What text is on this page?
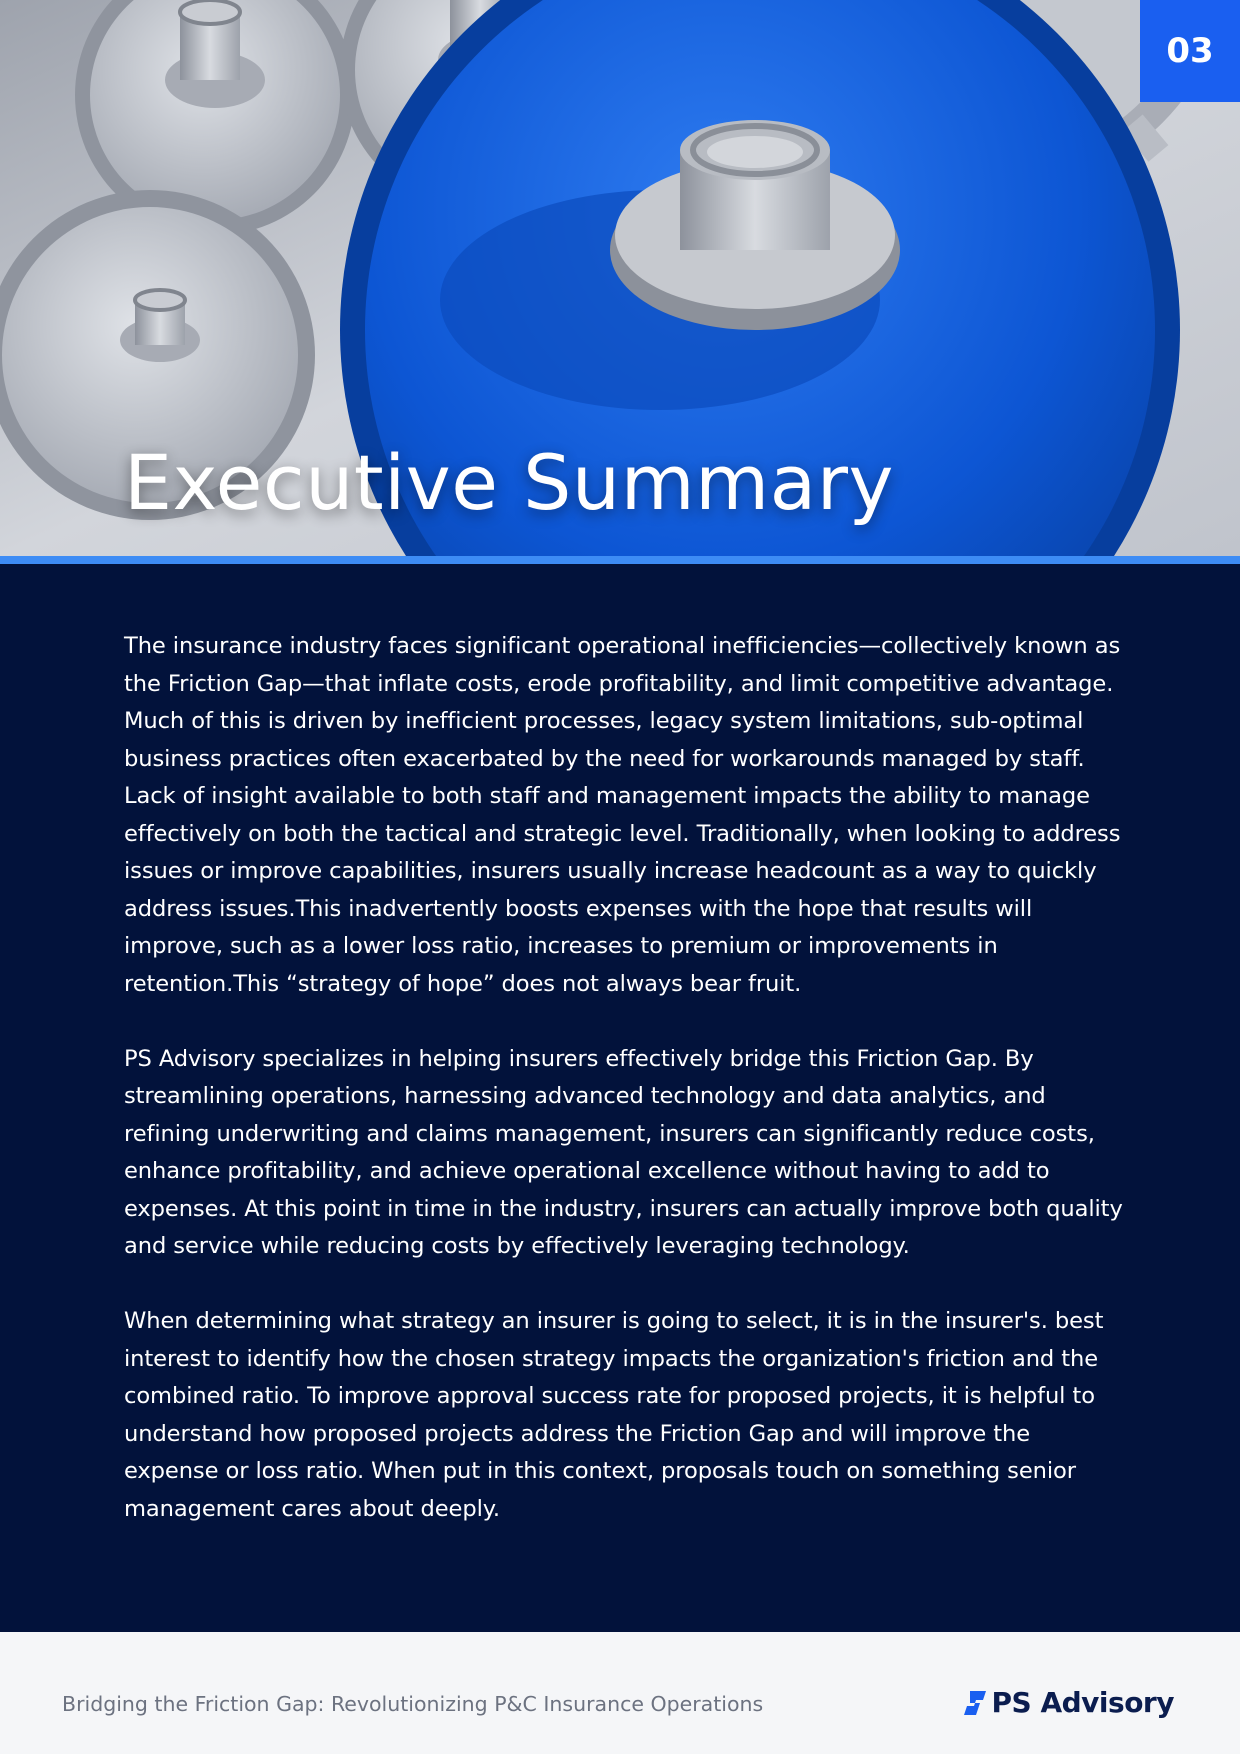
Executive Summary
03

The insurance industry faces significant operational inefficiencies—collectively known as the Friction Gap—that inflate costs, erode profitability, and limit competitive advantage. Much of this is driven by inefficient processes, legacy system limitations, sub-optimal business practices often exacerbated by the need for workarounds managed by staff. Lack of insight available to both staff and management impacts the ability to manage effectively on both the tactical and strategic level. Traditionally, when looking to address issues or improve capabilities, insurers usually increase headcount as a way to quickly address issues.This inadvertently boosts expenses with the hope that results will improve, such as a lower loss ratio, increases to premium or improvements in retention.This “strategy of hope” does not always bear fruit.

PS Advisory specializes in helping insurers effectively bridge this Friction Gap. By streamlining operations, harnessing advanced technology and data analytics, and refining underwriting and claims management, insurers can significantly reduce costs, enhance profitability, and achieve operational excellence without having to add to expenses. At this point in time in the industry, insurers can actually improve both quality and service while reducing costs by effectively leveraging technology.

When determining what strategy an insurer is going to select, it is in the insurer's. best interest to identify how the chosen strategy impacts the organization's friction and the combined ratio. To improve approval success rate for proposed projects, it is helpful to understand how proposed projects address the Friction Gap and will improve the expense or loss ratio. When put in this context, proposals touch on something senior management cares about deeply.

Bridging the Friction Gap: Revolutionizing P&C Insurance Operations	PS Advisory
